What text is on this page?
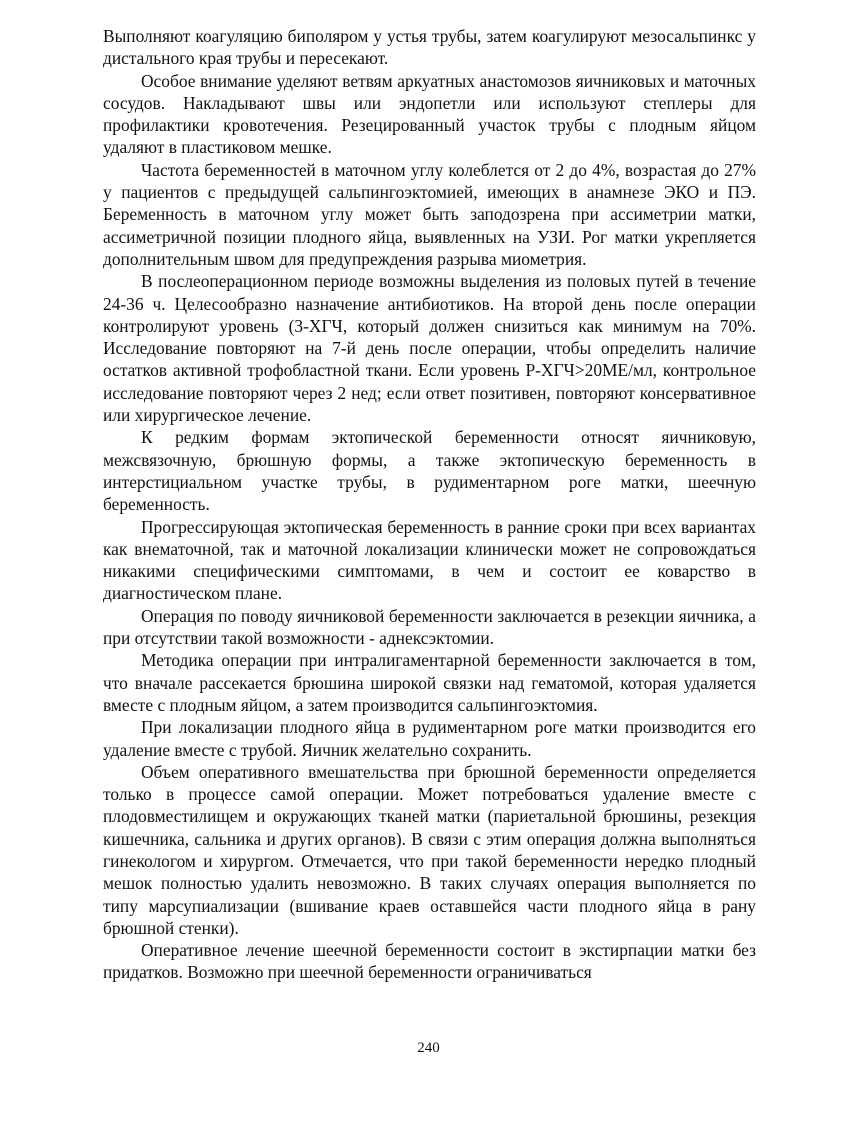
Выполняют коагуляцию биполяром у устья трубы, затем коагулируют мезосальпинкс у дистального края трубы и пересекают.

Особое внимание уделяют ветвям аркуатных анастомозов яичниковых и маточных сосудов. Накладывают швы или эндопетли или используют степлеры для профилактики кровотечения. Резецированный участок трубы с плодным яйцом удаляют в пластиковом мешке.

Частота беременностей в маточном углу колеблется от 2 до 4%, возрастая до 27% у пациентов с предыдущей сальпингоэктомией, имеющих в анамнезе ЭКО и ПЭ. Беременность в маточном углу может быть заподозрена при ассиметрии матки, ассиметричной позиции плодного яйца, выявленных на УЗИ. Рог матки укрепляется дополнительным швом для предупреждения разрыва миометрия.

В послеоперационном периоде возможны выделения из половых путей в течение 24-36 ч. Целесообразно назначение антибиотиков. На второй день после операции контролируют уровень (3-ХГЧ, который должен снизиться как минимум на 70%. Исследование повторяют на 7-й день после операции, чтобы определить наличие остатков активной трофобластной ткани. Если уровень Р-ХГЧ>20МЕ/мл, контрольное исследование повторяют через 2 нед; если ответ позитивен, повторяют консервативное или хирургическое лечение.

К редким формам эктопической беременности относят яичниковую, межсвязочную, брюшную формы, а также эктопическую беременность в интерстициальном участке трубы, в рудиментарном роге матки, шеечную беременность.

Прогрессирующая эктопическая беременность в ранние сроки при всех вариантах как внематочной, так и маточной локализации клинически может не сопровождаться никакими специфическими симптомами, в чем и состоит ее коварство в диагностическом плане.

Операция по поводу яичниковой беременности заключается в резекции яичника, а при отсутствии такой возможности - аднексэктомии.

Методика операции при интралигаментарной беременности заключается в том, что вначале рассекается брюшина широкой связки над гематомой, которая удаляется вместе с плодным яйцом, а затем производится сальпингоэктомия.

При локализации плодного яйца в рудиментарном роге матки производится его удаление вместе с трубой. Яичник желательно сохранить.

Объем оперативного вмешательства при брюшной беременности определяется только в процессе самой операции. Может потребоваться удаление вместе с плодовместилищем и окружающих тканей матки (париетальной брюшины, резекция кишечника, сальника и других органов). В связи с этим операция должна выполняться гинекологом и хирургом. Отмечается, что при такой беременности нередко плодный мешок полностью удалить невозможно. В таких случаях операция выполняется по типу марсупиализации (вшивание краев оставшейся части плодного яйца в рану брюшной стенки).

Оперативное лечение шеечной беременности состоит в экстирпации матки без придатков. Возможно при шеечной беременности ограничиваться

240
